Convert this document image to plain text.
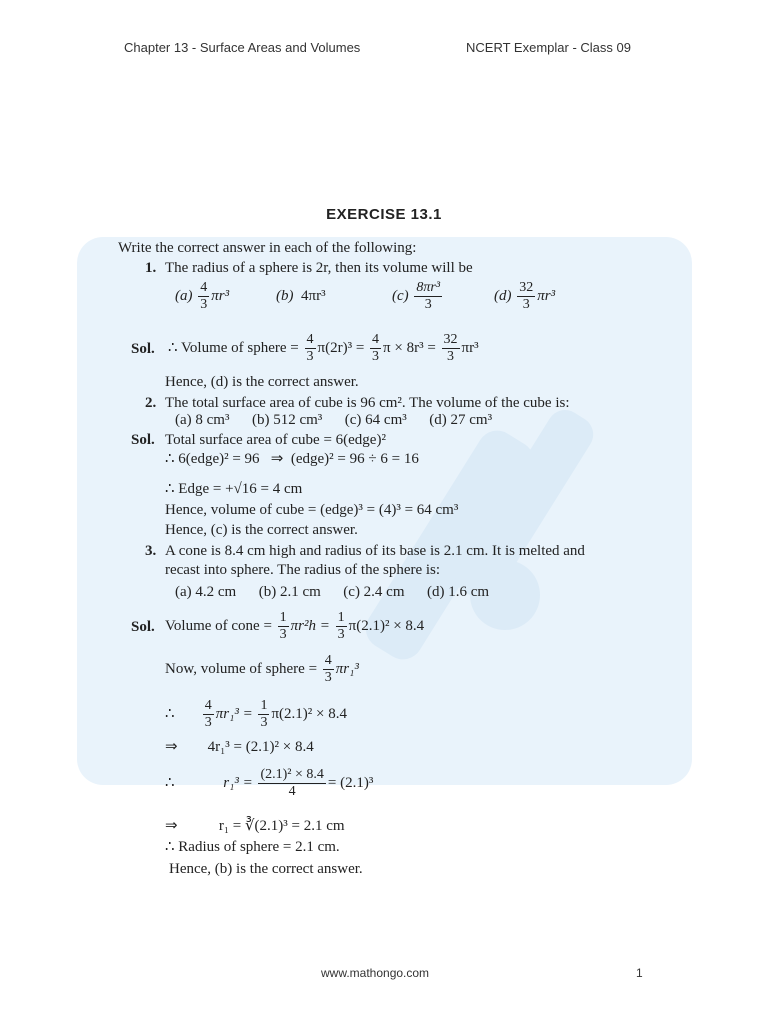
Chapter 13 - Surface Areas and Volumes	NCERT Exemplar - Class 09
EXERCISE 13.1
Write the correct answer in each of the following:
1. The radius of a sphere is 2r, then its volume will be
$(a) \frac{4}{3} \pi r^3$	(b) 4πr³	$(c) \frac{\text{8πr³}}{3}$	$(d) \frac{32}{3} \pi r^3$
Sol. ∴ Volume of sphere = $\frac{4}{3} \pi(2r)^3 = \frac{4}{3}$ $\pi \times 8r^3 = \frac{32}{3} \pi r^3$
Hence, (d) is the correct answer.
2. The total surface area of cube is 96 cm². The volume of the cube is:
(a) 8 cm³      (b) 512 cm³      (c) 64 cm³      (d) 27 cm³
Sol. Total surface area of cube = 6(edge)²
∴ 6(edge)² = 96   ⇒  (edge)² = 96 ÷ 6 = 16
∴ Edge = +√16 = 4 cm
Hence, volume of cube = (edge)³ = (4)³ = 64 cm³
Hence, (c) is the correct answer.
3. A cone is 8.4 cm high and radius of its base is 2.1 cm. It is melted and
recast into sphere. The radius of the sphere is:
(a) 4.2 cm      (b) 2.1 cm      (c) 2.4 cm      (d) 1.6 cm
Sol. Volume of cone = $\frac{1}{3} \pi r^2h = \frac{1}{3} \pi(2.1)^2 \times 8.4$
Now, volume of sphere = $\frac{4}{3} \pi r_1^3$
∴ $\frac{4}{3} \pi r_1^3 = \frac{1}{3} \pi(2.1)^2 \times 8.4$
⇒        4r₁³ = (2.1)² × 8.4
∴	$r_1^3 = \frac{\text{(2.1)² × 8.4}}{4} = (2.1)^3$
⇒           r₁ = ∛(2.1)³ = 2.1 cm
∴ Radius of sphere = 2.1 cm.
Hence, (b) is the correct answer.
www.mathongo.com	1
